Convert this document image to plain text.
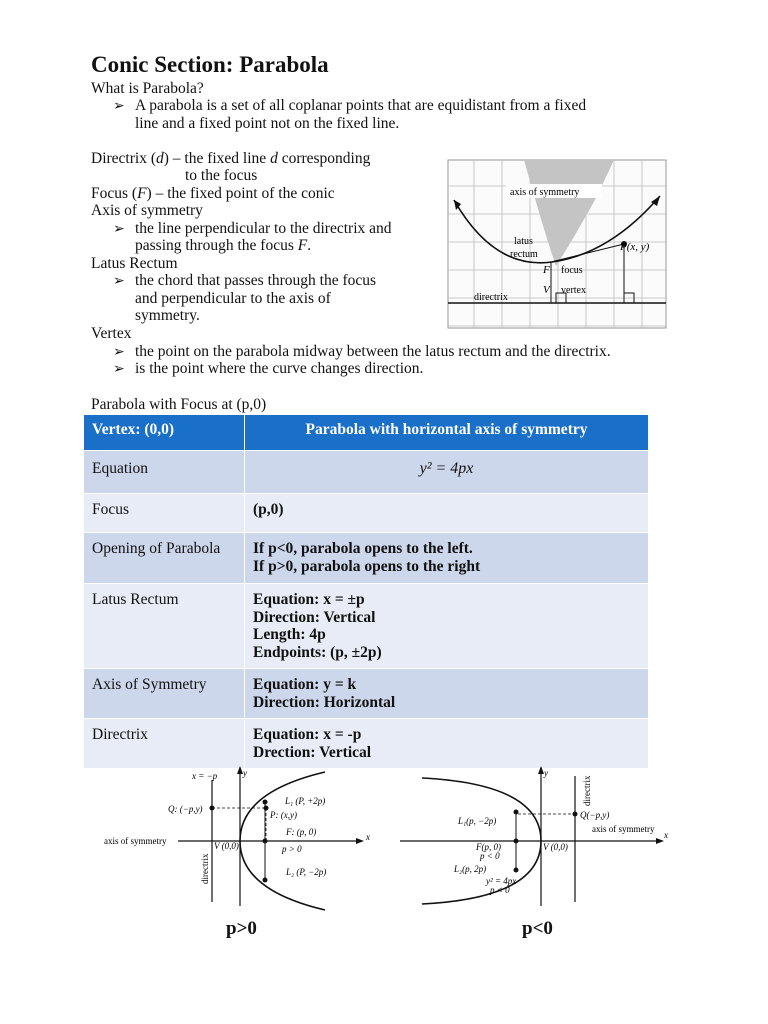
Conic Section: Parabola
What is Parabola?
➢ A parabola is a set of all coplanar points that are equidistant from a fixed
line and a fixed point not on the fixed line.
Directrix (d) – the fixed line d corresponding
to the focus
Focus (F) – the fixed point of the conic
Axis of symmetry
➢ the line perpendicular to the directrix and
passing through the focus F.
Latus Rectum
➢ the chord that passes through the focus
and perpendicular to the axis of
symmetry.
Vertex
➢ the point on the parabola midway between the latus rectum and the directrix.
➢ is the point where the curve changes direction.
axis of symmetry
latus
rectum
F focus
V vertex
directrix
P(x, y)
Parabola with Focus at (p,0)
Vertex: (0,0)	Parabola with horizontal axis of symmetry
Equation	y² = 4px
Focus	(p,0)
Opening of Parabola	If p<0, parabola opens to the left.
If p>0, parabola opens to the right

Latus Rectum	Equation: x = ±p
Direction: Vertical
Length: 4p
Endpoints: (p, ±2p)

Axis of Symmetry	Equation: y = k
Direction: Horizontal

Directrix	Equation: x = -p
Drection: Vertical
x = −p	y
Q: (−p,y)
L₁ (P, +2p)
P: (x,y)
F: (p, 0)
axis of symmetry	V (0,0)	p > 0
x
directrix	L₂ (P, −2p)
y
directrix
Q(−p,y)
axis of symmetry
L₁(p, −2p)
F(p, 0)
p < 0
V (0,0)
x
L₂(p, 2p)
y² = 4px
p < 0
p>0	p<0
